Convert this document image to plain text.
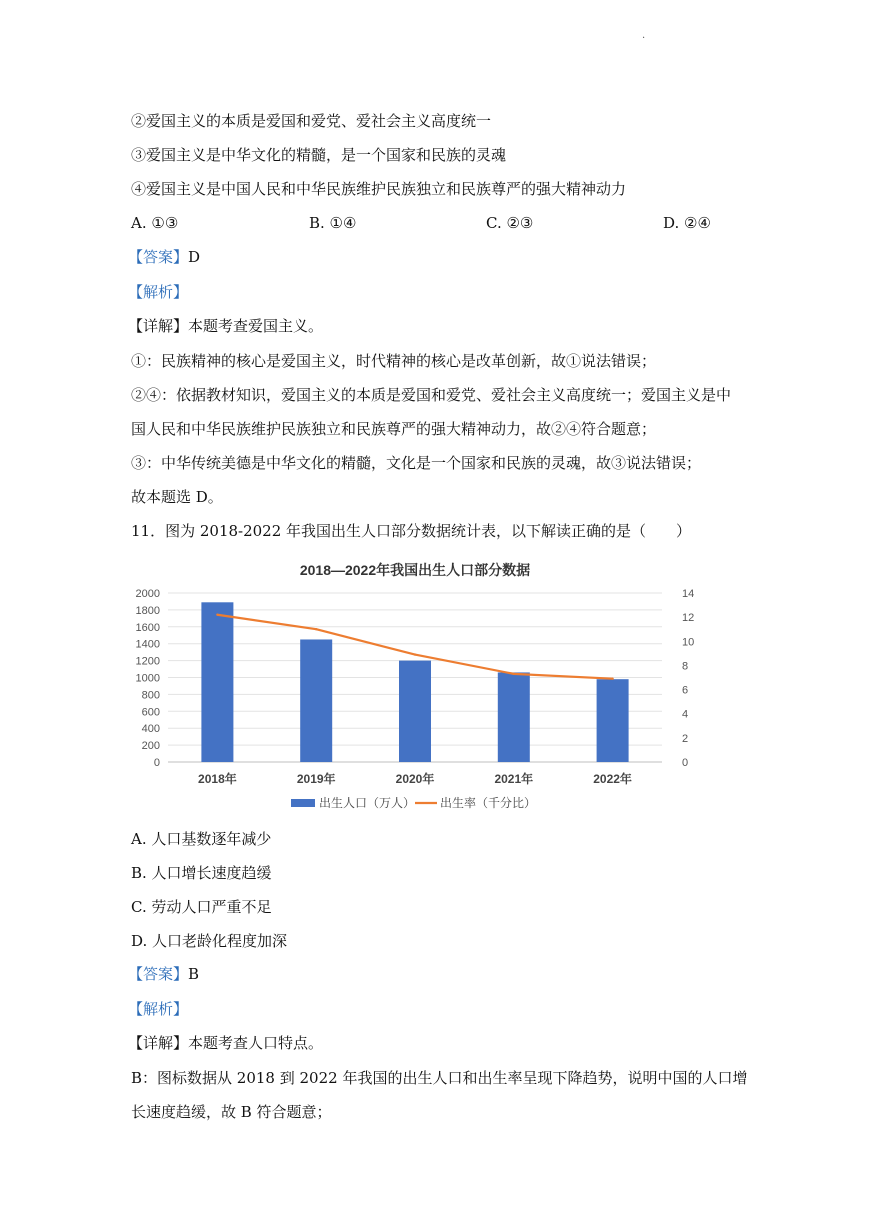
.
②爱国主义的本质是爱国和爱党、爱社会主义高度统一
③爱国主义是中华文化的精髓，是一个国家和民族的灵魂
④爱国主义是中国人民和中华民族维护民族独立和民族尊严的强大精神动力
A. ①③	B. ①④	C. ②③	D. ②④
【答案】D
【解析】
【详解】本题考查爱国主义。
①：民族精神的核心是爱国主义，时代精神的核心是改革创新，故①说法错误；
②④：依据教材知识，爱国主义的本质是爱国和爱党、爱社会主义高度统一；爱国主义是中
国人民和中华民族维护民族独立和民族尊严的强大精神动力，故②④符合题意；
③：中华传统美德是中华文化的精髓，文化是一个国家和民族的灵魂，故③说法错误；
故本题选 D。
11．图为 2018-2022 年我国出生人口部分数据统计表，以下解读正确的是（　　）
2018—2022年我国出生人口部分数据
0
200
400
600
800
1000
1200
1400
1600
1800
2000
0
2
4
6
8
10
12
14
2018年	2019年	2020年	2021年	2022年
出生人口（万人） 出生率（千分比）
A. 人口基数逐年减少
B. 人口增长速度趋缓
C. 劳动人口严重不足
D. 人口老龄化程度加深
【答案】B
【解析】
【详解】本题考查人口特点。
B：图标数据从 2018 到 2022 年我国的出生人口和出生率呈现下降趋势，说明中国的人口增
长速度趋缓，故 B 符合题意；
